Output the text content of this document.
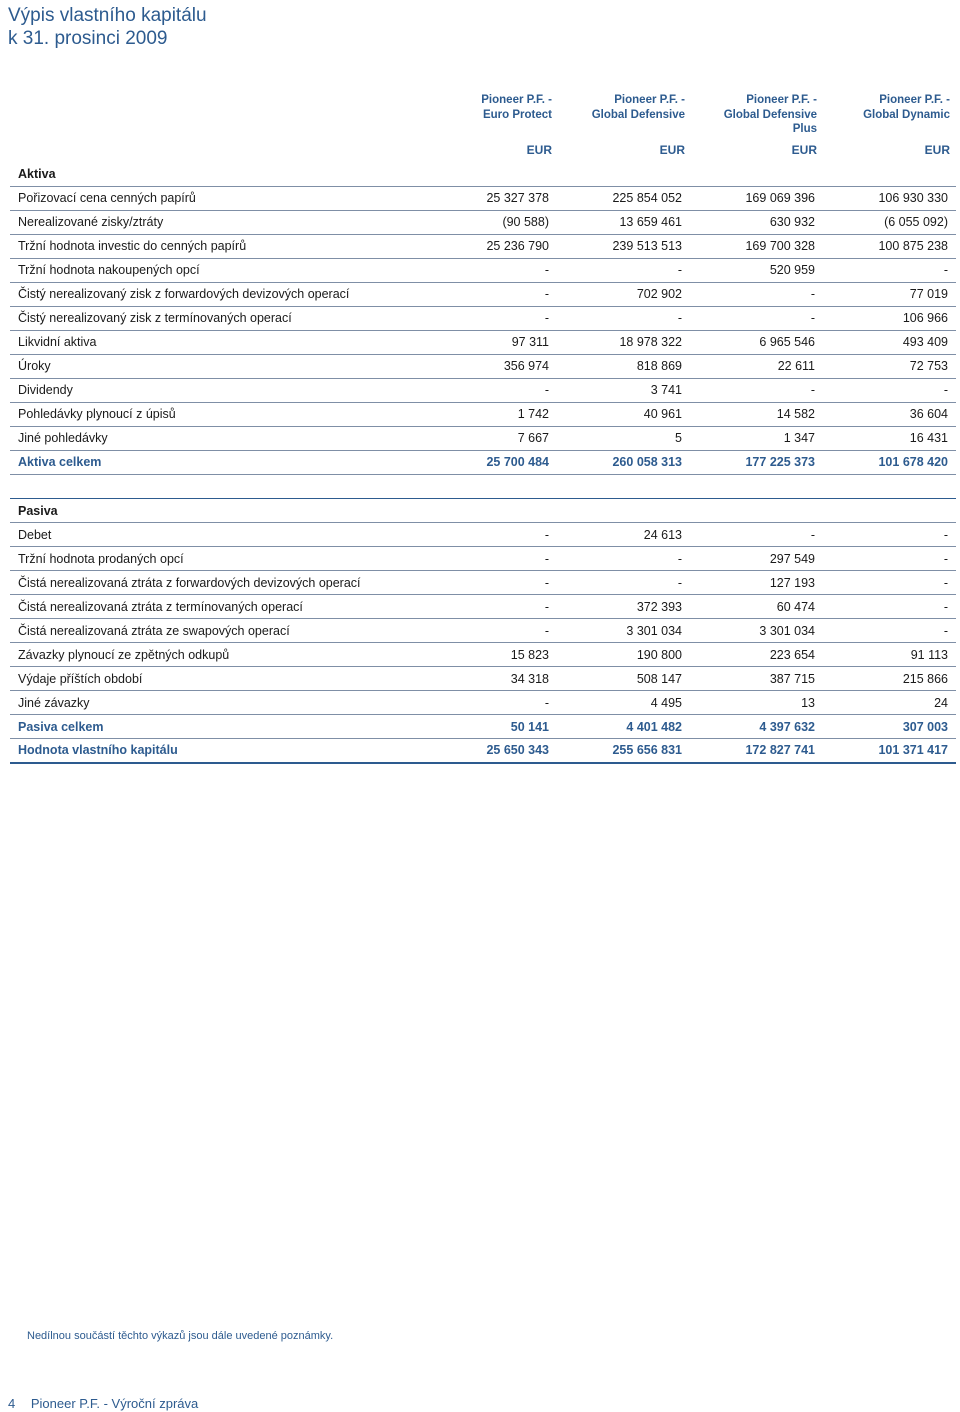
Výpis vlastního kapitálu
k 31. prosinci 2009
Pioneer P.F. -
Euro Protect
Pioneer P.F. -
Global Defensive
Pioneer P.F. -
Global Defensive
Plus
Pioneer P.F. -
Global Dynamic
EUR	EUR	EUR	EUR
Aktiva				
Pořizovací cena cenných papírů	25 327 378	225 854 052	169 069 396	106 930 330
Nerealizované zisky/ztráty	(90 588)	13 659 461	630 932	(6 055 092)
Tržní hodnota investic do cenných papírů	25 236 790	239 513 513	169 700 328	100 875 238
Tržní hodnota nakoupených opcí	-	-	520 959	-
Čistý nerealizovaný zisk z forwardových devizových operací	-	702 902	-	77 019
Čistý nerealizovaný zisk z termínovaných operací	-	-	-	106 966
Likvidní aktiva	97 311	18 978 322	6 965 546	493 409
Úroky	356 974	818 869	22 611	72 753
Dividendy	-	3 741	-	-
Pohledávky plynoucí z úpisů	1 742	40 961	14 582	36 604
Jiné pohledávky	7 667	5	1 347	16 431
Aktiva celkem	25 700 484	260 058 313	177 225 373	101 678 420
Pasiva				
Debet	-	24 613	-	-
Tržní hodnota prodaných opcí	-	-	297 549	-
Čistá nerealizovaná ztráta z forwardových devizových operací	-	-	127 193	-
Čistá nerealizovaná ztráta z termínovaných operací	-	372 393	60 474	-
Čistá nerealizovaná ztráta ze swapových operací	-	3 301 034	3 301 034	-
Závazky plynoucí ze zpětných odkupů	15 823	190 800	223 654	91 113
Výdaje příštích období	34 318	508 147	387 715	215 866
Jiné závazky	-	4 495	13	24
Pasiva celkem	50 141	4 401 482	4 397 632	307 003
Hodnota vlastního kapitálu	25 650 343	255 656 831	172 827 741	101 371 417
Nedílnou součástí těchto výkazů jsou dále uvedené poznámky.
4 Pioneer P.F. - Výroční zpráva
